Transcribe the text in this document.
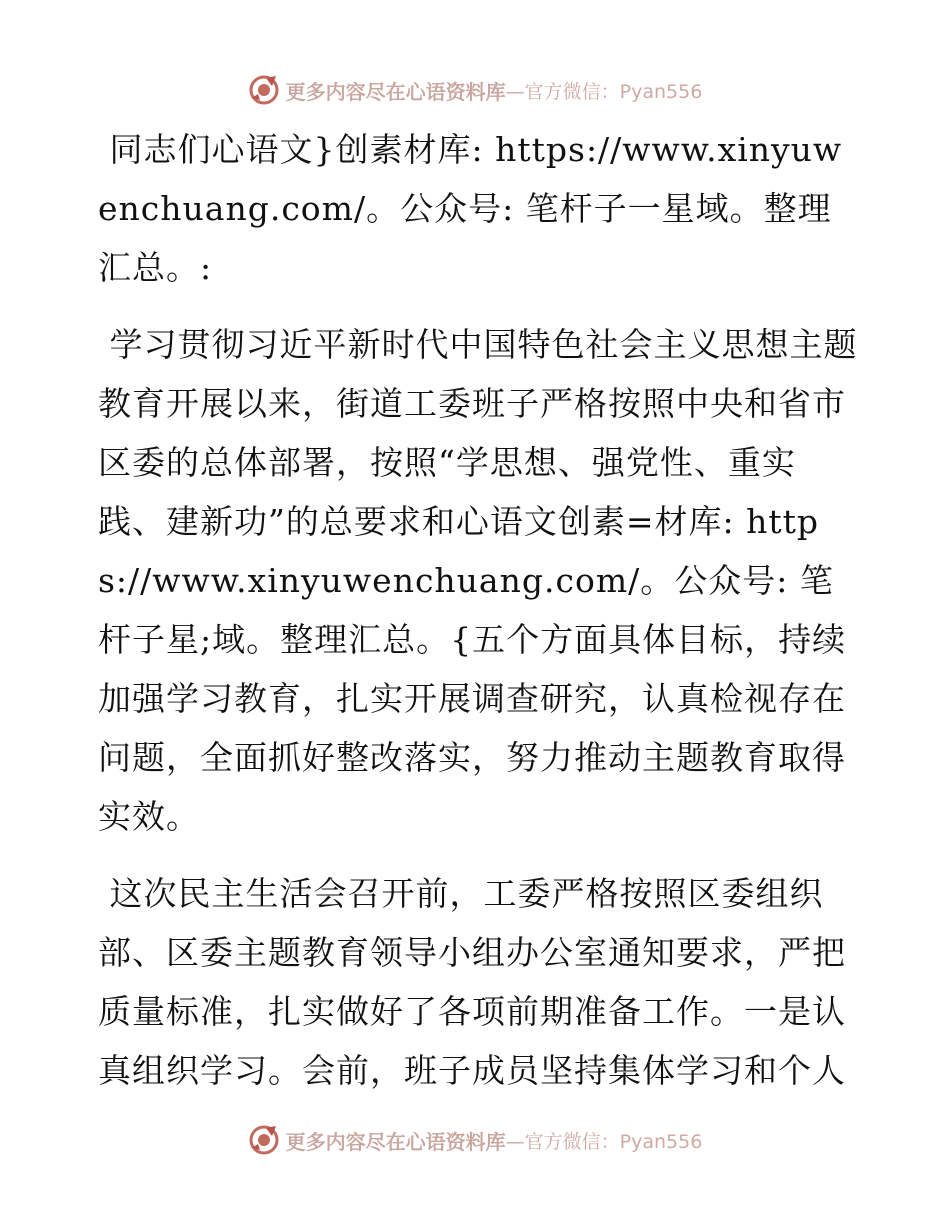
更多内容尽在心语资料库 —官方微信：Pyan556

同志们心语文}创素材库: https://www.xinyuwenchuang.com/。公众号: 笔杆子一星域。整理汇总。:

学习贯彻习近平新时代中国特色社会主义思想主题教育开展以来，街道工委班子严格按照中央和省市区委的总体部署，按照“学思想、强党性、重实践、建新功”的总要求和心语文创素=材库: https://www.xinyuwenchuang.com/。公众号: 笔杆子星;域。整理汇总。{五个方面具体目标，持续加强学习教育，扎实开展调查研究，认真检视存在问题，全面抓好整改落实，努力推动主题教育取得实效。

这次民主生活会召开前，工委严格按照区委组织部、区委主题教育领导小组办公室通知要求，严把质量标准，扎实做好了各项前期准备工作。一是认真组织学习。会前，班子成员坚持集体学习和个人

更多内容尽在心语资料库 —官方微信：Pyan556
